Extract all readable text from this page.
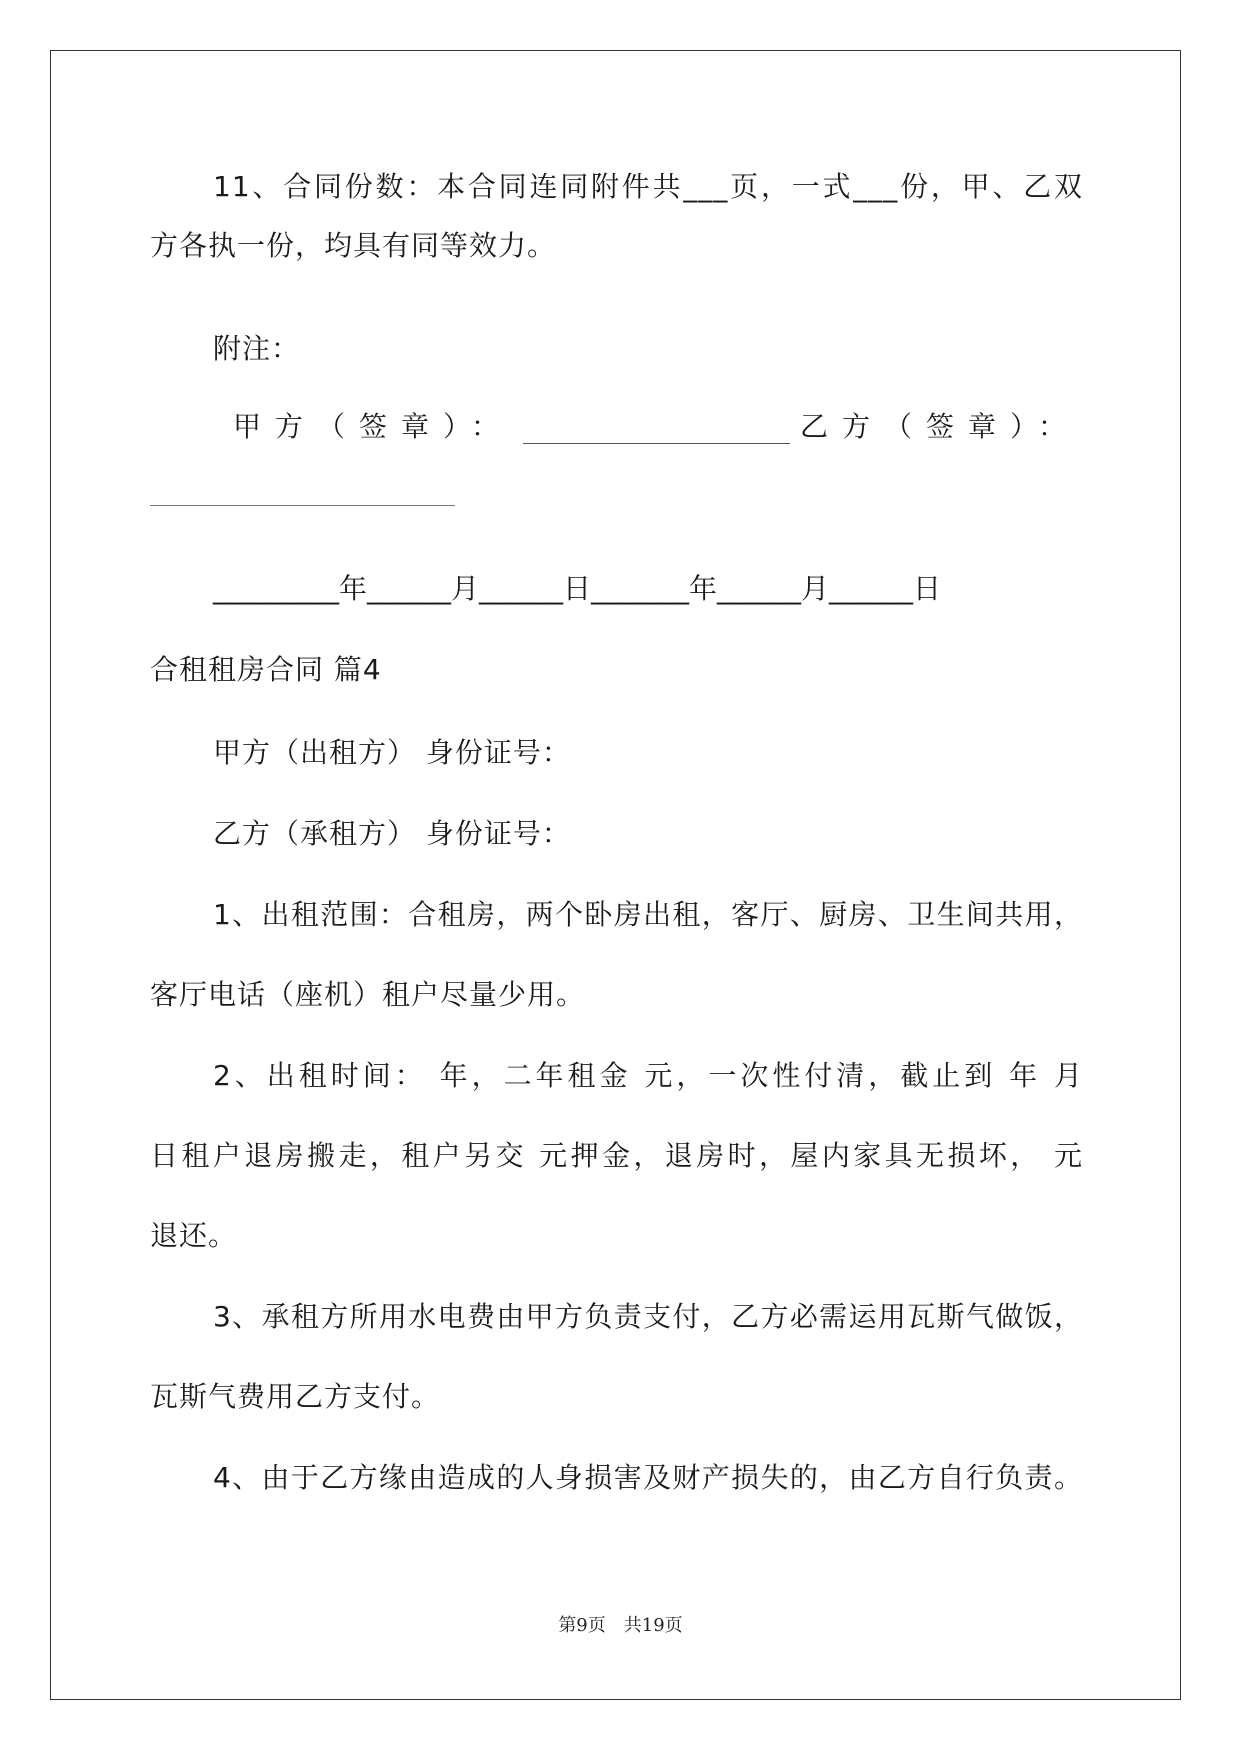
11、合同份数：本合同连同附件共___页，一式___份，甲、乙双
方各执一份，均具有同等效力。
附注：
甲方（签章）：	乙方（签章）：
_________年______月______日_______年______月______日
合租租房合同 篇4
甲方（出租方） 身份证号：
乙方（承租方） 身份证号：
1、出租范围：合租房，两个卧房出租，客厅、厨房、卫生间共用，
客厅电话（座机）租户尽量少用。
2、出租时间： 年，二年租金 元，一次性付清，截止到 年 月
日租户退房搬走，租户另交 元押金，退房时，屋内家具无损坏， 元
退还。
3、承租方所用水电费由甲方负责支付，乙方必需运用瓦斯气做饭，
瓦斯气费用乙方支付。
4、由于乙方缘由造成的人身损害及财产损失的，由乙方自行负责。
第9页　共19页
